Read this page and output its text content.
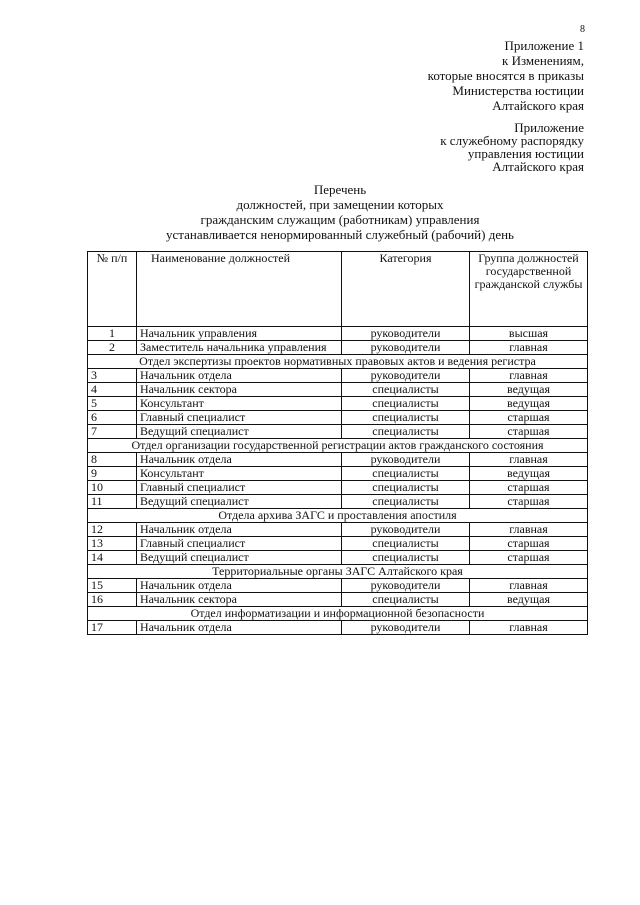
8
Приложение 1
к Изменениям,
которые вносятся в приказы
Министерства юстиции
Алтайского края
Приложение
к служебному распорядку
управления юстиции
Алтайского края
Перечень
должностей, при замещении которых
гражданским служащим (работникам) управления
устанавливается ненормированный служебный (рабочий) день
№ п/п	Наименование должностей	Категория	Группа должностей государственной гражданской службы
1	Начальник управления	руководители	высшая
2	Заместитель начальника управления	руководители	главная
Отдел экспертизы проектов нормативных правовых актов и ведения регистра			
3	Начальник отдела	руководители	главная
4	Начальник сектора	специалисты	ведущая
5	Консультант	специалисты	ведущая
6	Главный специалист	специалисты	старшая
7	Ведущий специалист	специалисты	старшая
Отдел организации государственной регистрации актов гражданского состояния			
8	Начальник отдела	руководители	главная
9	Консультант	специалисты	ведущая
10	Главный специалист	специалисты	старшая
11	Ведущий специалист	специалисты	старшая
Отдела архива ЗАГС и проставления апостиля			
12	Начальник отдела	руководители	главная
13	Главный специалист	специалисты	старшая
14	Ведущий специалист	специалисты	старшая
Территориальные органы ЗАГС Алтайского края			
15	Начальник отдела	руководители	главная
16	Начальник сектора	специалисты	ведущая
Отдел информатизации и информационной безопасности			
17	Начальник отдела	руководители	главная
